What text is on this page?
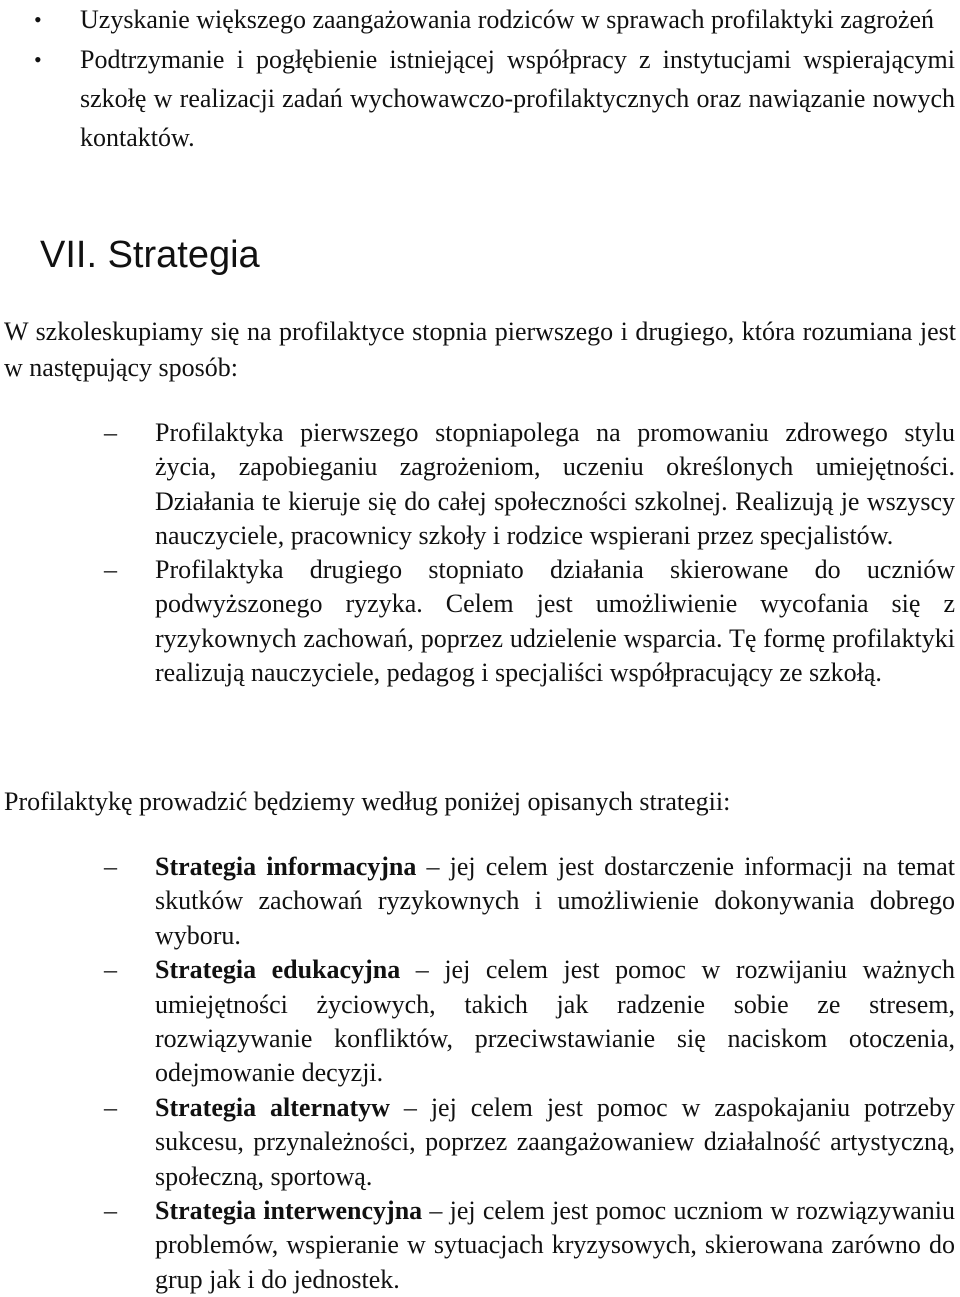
• Uzyskanie większego zaangażowania rodziców w sprawach profilaktyki zagrożeń
• Podtrzymanie i pogłębienie istniejącej współpracy z instytucjami wspierającymi szkołę w realizacji zadań wychowawczo-profilaktycznych oraz nawiązanie nowych kontaktów.
VII. Strategia

W szkoleskupiamy się na profilaktyce stopnia pierwszego i drugiego, która rozumiana jest w następujący sposób:

– Profilaktyka pierwszego stopniapolega na promowaniu zdrowego stylu życia, zapobieganiu zagrożeniom, uczeniu określonych umiejętności. Działania te kieruje się do całej społeczności szkolnej. Realizują je wszyscy nauczyciele, pracownicy szkoły i rodzice wspierani przez specjalistów.
– Profilaktyka drugiego stopniato działania skierowane do uczniów podwyższonego ryzyka. Celem jest umożliwienie wycofania się z ryzykownych zachowań, poprzez udzielenie wsparcia. Tę formę profilaktyki realizują nauczyciele, pedagog i specjaliści współpracujący ze szkołą.

Profilaktykę prowadzić będziemy według poniżej opisanych strategii:

– Strategia informacyjna – jej celem jest dostarczenie informacji na temat skutków zachowań ryzykownych i umożliwienie dokonywania dobrego wyboru.
– Strategia edukacyjna – jej celem jest pomoc w rozwijaniu ważnych umiejętności życiowych, takich jak radzenie sobie ze stresem, rozwiązywanie konfliktów, przeciwstawianie się naciskom otoczenia, odejmowanie decyzji.
– Strategia alternatyw – jej celem jest pomoc w zaspokajaniu potrzeby sukcesu, przynależności, poprzez zaangażowaniew działalność artystyczną, społeczną, sportową.
– Strategia interwencyjna – jej celem jest pomoc uczniom w rozwiązywaniu problemów, wspieranie w sytuacjach kryzysowych, skierowana zarówno do grup jak i do jednostek.
